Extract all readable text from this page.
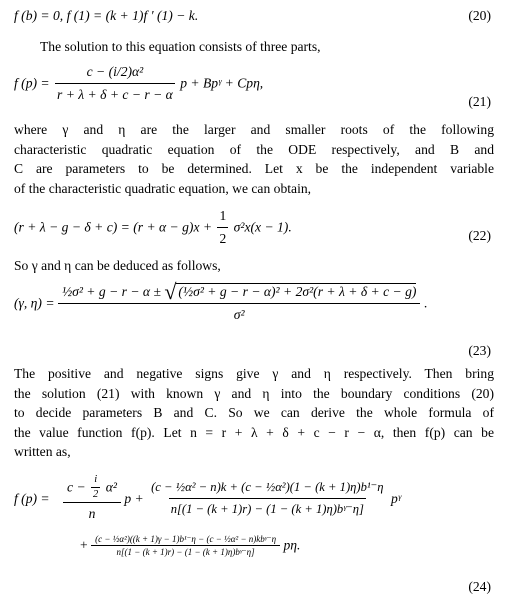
f (b) = 0, f (1) = (k + 1)f ′ (1) − k.	(20)
The solution to this equation consists of three parts,
f $(p) = \frac{\text{c − (i/2)α²}}{r + \lambda + \delta + c - r - \alpha}$ p + Bpᵞ + Cpη,
(21)
where γ and η are the larger and smaller roots of the following
characteristic quadratic equation of the ODE respectively, and B and
C are parameters to be determined. Let x be the independent variable
of the characteristic quadratic equation, we can obtain,
$(r + \lambda - g - \delta + c) = (r + \alpha - g)x + \frac{1}{2} \sigma^2x(x - 1)$.
(22)
So γ and η can be deduced as follows,
(γ, η) =
½σ² + g − r − α ± √ (½σ² + g − r − α)² + 2σ²(r + λ + δ + c − g)
σ²
.
(23)
The positive and negative signs give γ and η respectively. Then bring
the solution (21) with known γ and η into the boundary conditions (20)
to decide parameters B and C. So we can derive the whole formula of
the value function f(p). Let n = r + λ + δ + c − r − α, then f(p) can be
written as,
f $(p) = \frac{c - \frac{i}{2} \alpha^2}{n}$ $p + \frac{\text{(c − ½α² − n)k + (c − ½α²)(1 − (k + 1)η)b¹⁻η}}{\text{n[(1 − (k + 1)r) − (1 − (k + 1)η)bᵞ⁻η]}}$ pᵞ
+ $\frac{\text{(c − ½α²)((k + 1)γ − 1)b¹⁻η − (c − ½α² − n)kbᵞ⁻η}}{\text{n[(1 − (k + 1)r) − (1 − (k + 1)η)bᵞ⁻η]}} p\eta$.
(24)
